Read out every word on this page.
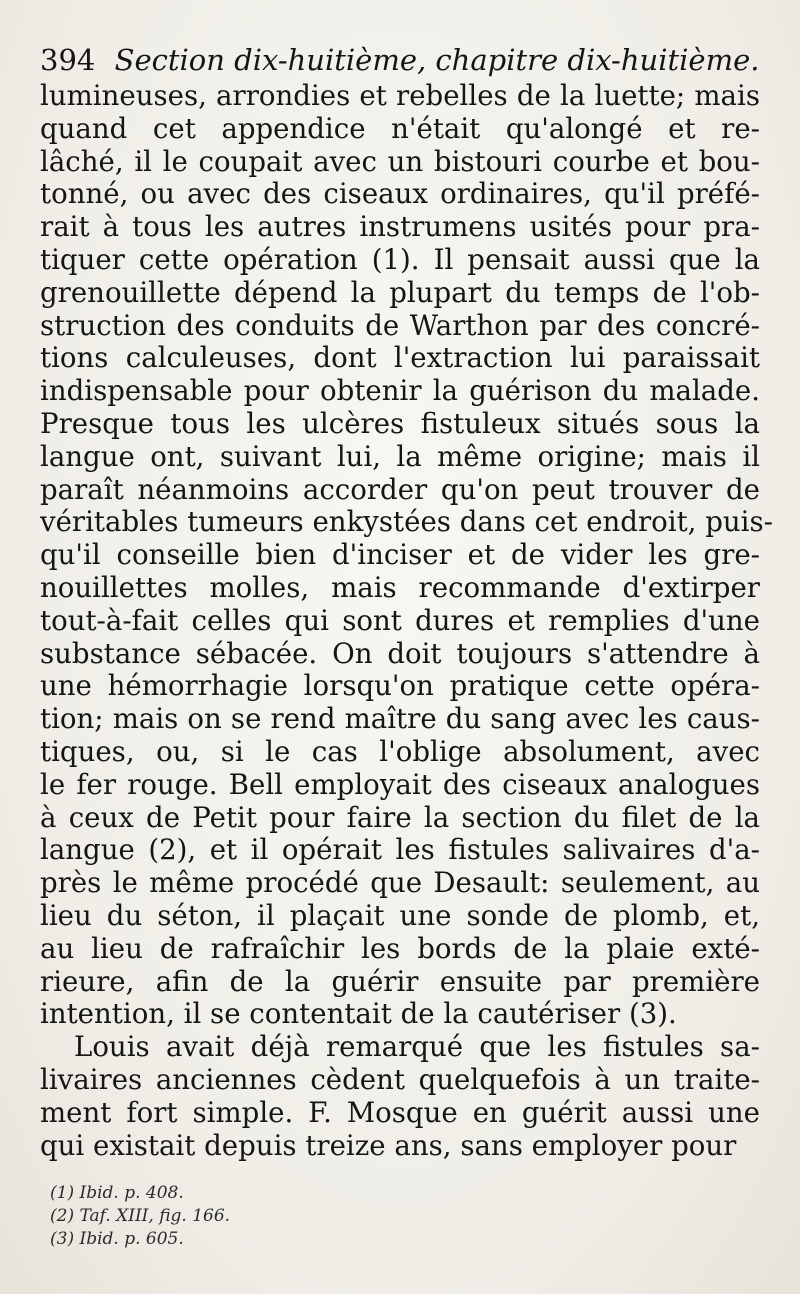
394 Section dix-huitième, chapitre dix-huitième.
lumineuses, arrondies et rebelles de la luette; mais
quand cet appendice n'était qu'alongé et re-
lâché, il le coupait avec un bistouri courbe et bou-
tonné, ou avec des ciseaux ordinaires, qu'il préfé-
rait à tous les autres instrumens usités pour pra-
tiquer cette opération (1). Il pensait aussi que la
grenouillette dépend la plupart du temps de l'ob-
struction des conduits de Warthon par des concré-
tions calculeuses, dont l'extraction lui paraissait
indispensable pour obtenir la guérison du malade.
Presque tous les ulcères fistuleux situés sous la
langue ont, suivant lui, la même origine; mais il
paraît néanmoins accorder qu'on peut trouver de
véritables tumeurs enkystées dans cet endroit, puis-
qu'il conseille bien d'inciser et de vider les gre-
nouillettes molles, mais recommande d'extirper
tout-à-fait celles qui sont dures et remplies d'une
substance sébacée. On doit toujours s'attendre à
une hémorrhagie lorsqu'on pratique cette opéra-
tion; mais on se rend maître du sang avec les caus-
tiques, ou, si le cas l'oblige absolument, avec
le fer rouge. Bell employait des ciseaux analogues
à ceux de Petit pour faire la section du filet de la
langue (2), et il opérait les fistules salivaires d'a-
près le même procédé que Desault: seulement, au
lieu du séton, il plaçait une sonde de plomb, et,
au lieu de rafraîchir les bords de la plaie exté-
rieure, afin de la guérir ensuite par première
intention, il se contentait de la cautériser (3).
Louis avait déjà remarqué que les fistules sa-
livaires anciennes cèdent quelquefois à un traite-
ment fort simple. F. Mosque en guérit aussi une
qui existait depuis treize ans, sans employer pour
(1) Ibid. p. 408.
(2) Taf. XIII, fig. 166.
(3) Ibid. p. 605.
